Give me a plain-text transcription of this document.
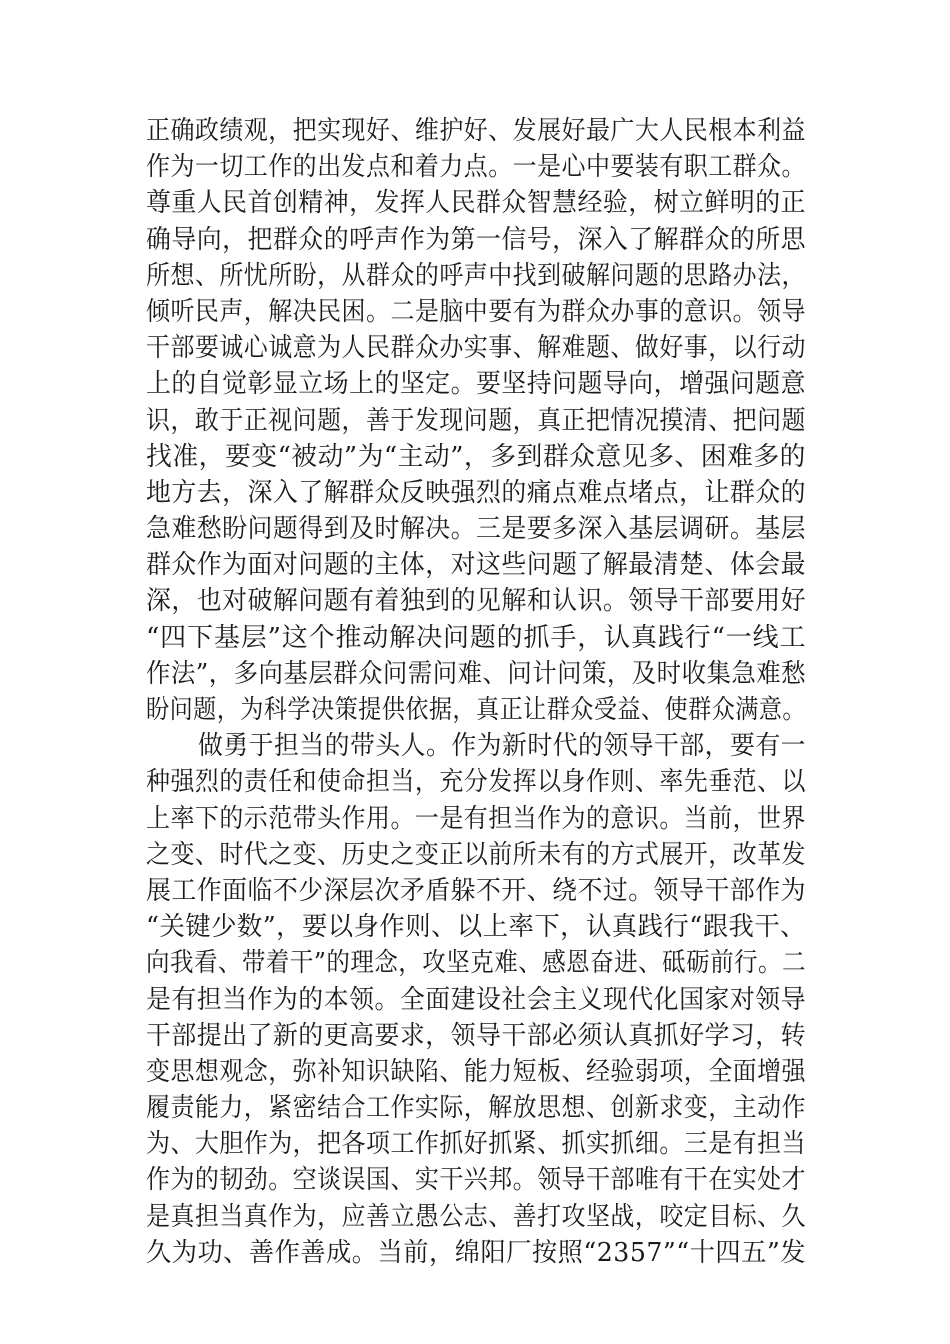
正确政绩观，把实现好、维护好、发展好最广大人民根本利益
作为一切工作的出发点和着力点。一是心中要装有职工群众。
尊重人民首创精神，发挥人民群众智慧经验，树立鲜明的正
确导向，把群众的呼声作为第一信号，深入了解群众的所思
所想、所忧所盼，从群众的呼声中找到破解问题的思路办法，
倾听民声，解决民困。二是脑中要有为群众办事的意识。领导
干部要诚心诚意为人民群众办实事、解难题、做好事，以行动
上的自觉彰显立场上的坚定。要坚持问题导向，增强问题意
识，敢于正视问题，善于发现问题，真正把情况摸清、把问题
找准，要变“被动”为“主动”，多到群众意见多、困难多的
地方去，深入了解群众反映强烈的痛点难点堵点，让群众的
急难愁盼问题得到及时解决。三是要多深入基层调研。基层
群众作为面对问题的主体，对这些问题了解最清楚、体会最
深，也对破解问题有着独到的见解和认识。领导干部要用好
“四下基层”这个推动解决问题的抓手，认真践行“一线工
作法”，多向基层群众问需问难、问计问策，及时收集急难愁
盼问题，为科学决策提供依据，真正让群众受益、使群众满意。
做勇于担当的带头人。作为新时代的领导干部，要有一
种强烈的责任和使命担当，充分发挥以身作则、率先垂范、以
上率下的示范带头作用。一是有担当作为的意识。当前，世界
之变、时代之变、历史之变正以前所未有的方式展开，改革发
展工作面临不少深层次矛盾躲不开、绕不过。领导干部作为
“关键少数”，要以身作则、以上率下，认真践行“跟我干、
向我看、带着干”的理念，攻坚克难、感恩奋进、砥砺前行。二
是有担当作为的本领。全面建设社会主义现代化国家对领导
干部提出了新的更高要求，领导干部必须认真抓好学习，转
变思想观念，弥补知识缺陷、能力短板、经验弱项，全面增强
履责能力，紧密结合工作实际，解放思想、创新求变，主动作
为、大胆作为，把各项工作抓好抓紧、抓实抓细。三是有担当
作为的韧劲。空谈误国、实干兴邦。领导干部唯有干在实处才
是真担当真作为，应善立愚公志、善打攻坚战，咬定目标、久
久为功、善作善成。当前，绵阳厂按照“2357”“十四五”发
